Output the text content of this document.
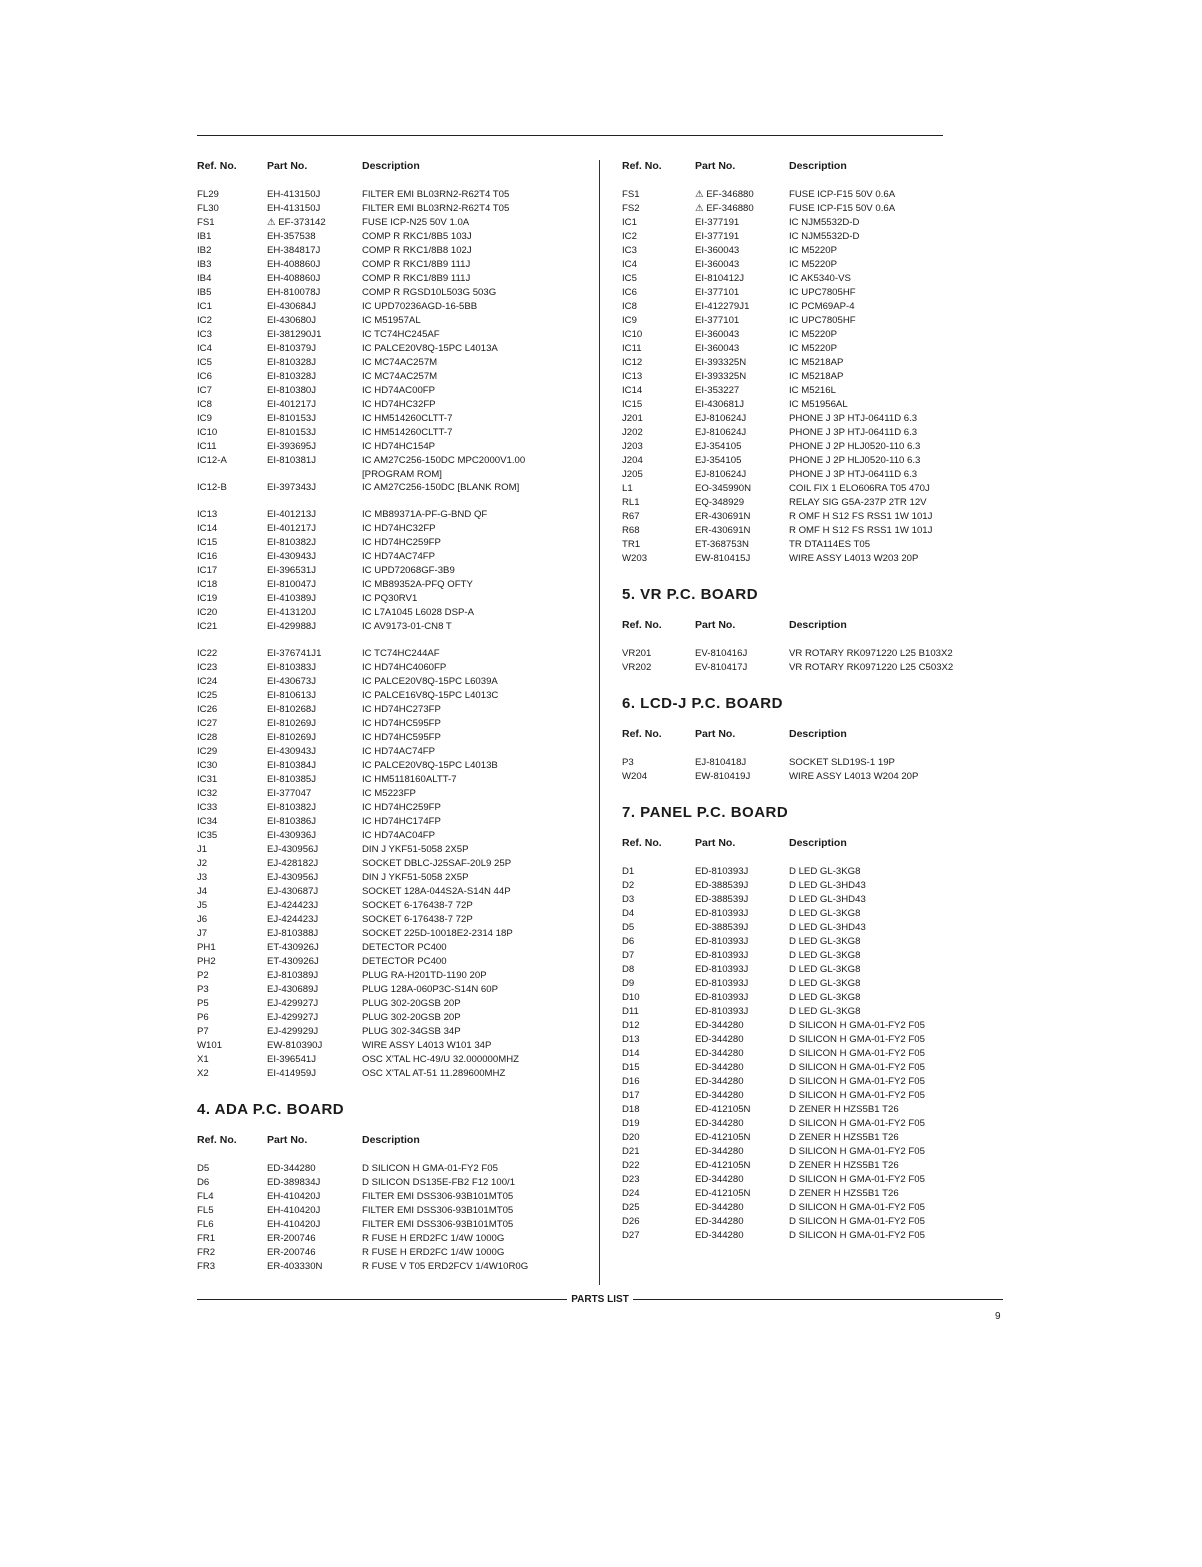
Ref. No.	Part No.	Description
FL29	EH-413150J	FILTER EMI BL03RN2-R62T4 T05
FL30	EH-413150J	FILTER EMI BL03RN2-R62T4 T05
FS1	⚠ EF-373142	FUSE ICP-N25 50V 1.0A
IB1	EH-357538	COMP R RKC1/8B5 103J
IB2	EH-384817J	COMP R RKC1/8B8 102J
IB3	EH-408860J	COMP R RKC1/8B9 111J
IB4	EH-408860J	COMP R RKC1/8B9 111J
IB5	EH-810078J	COMP R RGSD10L503G 503G
IC1	EI-430684J	IC UPD70236AGD-16-5BB
IC2	EI-430680J	IC M51957AL
IC3	EI-381290J1	IC TC74HC245AF
IC4	EI-810379J	IC PALCE20V8Q-15PC L4013A
IC5	EI-810328J	IC MC74AC257M
IC6	EI-810328J	IC MC74AC257M
IC7	EI-810380J	IC HD74AC00FP
IC8	EI-401217J	IC HD74HC32FP
IC9	EI-810153J	IC HM514260CLTT-7
IC10	EI-810153J	IC HM514260CLTT-7
IC11	EI-393695J	IC HD74HC154P
IC12-A	EI-810381J	IC AM27C256-150DC MPC2000V1.00 [PROGRAM ROM]
IC12-B	EI-397343J	IC AM27C256-150DC [BLANK ROM]
IC13	EI-401213J	IC MB89371A-PF-G-BND QF
IC14	EI-401217J	IC HD74HC32FP
IC15	EI-810382J	IC HD74HC259FP
IC16	EI-430943J	IC HD74AC74FP
IC17	EI-396531J	IC UPD72068GF-3B9
IC18	EI-810047J	IC MB89352A-PFQ OFTY
IC19	EI-410389J	IC PQ30RV1
IC20	EI-413120J	IC L7A1045 L6028 DSP-A
IC21	EI-429988J	IC AV9173-01-CN8 T
IC22	EI-376741J1	IC TC74HC244AF
IC23	EI-810383J	IC HD74HC4060FP
IC24	EI-430673J	IC PALCE20V8Q-15PC L6039A
IC25	EI-810613J	IC PALCE16V8Q-15PC L4013C
IC26	EI-810268J	IC HD74HC273FP
IC27	EI-810269J	IC HD74HC595FP
IC28	EI-810269J	IC HD74HC595FP
IC29	EI-430943J	IC HD74AC74FP
IC30	EI-810384J	IC PALCE20V8Q-15PC L4013B
IC31	EI-810385J	IC HM5118160ALTT-7
IC32	EI-377047	IC M5223FP
IC33	EI-810382J	IC HD74HC259FP
IC34	EI-810386J	IC HD74HC174FP
IC35	EI-430936J	IC HD74AC04FP
J1	EJ-430956J	DIN J YKF51-5058 2X5P
J2	EJ-428182J	SOCKET DBLC-J25SAF-20L9 25P
J3	EJ-430956J	DIN J YKF51-5058 2X5P
J4	EJ-430687J	SOCKET 128A-044S2A-S14N 44P
J5	EJ-424423J	SOCKET 6-176438-7 72P
J6	EJ-424423J	SOCKET 6-176438-7 72P
J7	EJ-810388J	SOCKET 225D-10018E2-2314 18P
PH1	ET-430926J	DETECTOR PC400
PH2	ET-430926J	DETECTOR PC400
P2	EJ-810389J	PLUG RA-H201TD-1190 20P
P3	EJ-430689J	PLUG 128A-060P3C-S14N 60P
P5	EJ-429927J	PLUG 302-20GSB 20P
P6	EJ-429927J	PLUG 302-20GSB 20P
P7	EJ-429929J	PLUG 302-34GSB 34P
W101	EW-810390J	WIRE ASSY L4013 W101 34P
X1	EI-396541J	OSC X'TAL HC-49/U 32.000000MHZ
X2	EI-414959J	OSC X'TAL AT-51 11.289600MHZ
4. ADA P.C. BOARD
Ref. No.	Part No.	Description
D5	ED-344280	D SILICON H GMA-01-FY2 F05
D6	ED-389834J	D SILICON DS135E-FB2 F12 100/1
FL4	EH-410420J	FILTER EMI DSS306-93B101MT05
FL5	EH-410420J	FILTER EMI DSS306-93B101MT05
FL6	EH-410420J	FILTER EMI DSS306-93B101MT05
FR1	ER-200746	R FUSE H ERD2FC 1/4W 1000G
FR2	ER-200746	R FUSE H ERD2FC 1/4W 1000G
FR3	ER-403330N	R FUSE V T05 ERD2FCV 1/4W10R0G
Ref. No.	Part No.	Description
FS1	⚠ EF-346880	FUSE ICP-F15 50V 0.6A
FS2	⚠ EF-346880	FUSE ICP-F15 50V 0.6A
IC1	EI-377191	IC NJM5532D-D
IC2	EI-377191	IC NJM5532D-D
IC3	EI-360043	IC M5220P
IC4	EI-360043	IC M5220P
IC5	EI-810412J	IC AK5340-VS
IC6	EI-377101	IC UPC7805HF
IC8	EI-412279J1	IC PCM69AP-4
IC9	EI-377101	IC UPC7805HF
IC10	EI-360043	IC M5220P
IC11	EI-360043	IC M5220P
IC12	EI-393325N	IC M5218AP
IC13	EI-393325N	IC M5218AP
IC14	EI-353227	IC M5216L
IC15	EI-430681J	IC M51956AL
J201	EJ-810624J	PHONE J 3P HTJ-06411D 6.3
J202	EJ-810624J	PHONE J 3P HTJ-06411D 6.3
J203	EJ-354105	PHONE J 2P HLJ0520-110 6.3
J204	EJ-354105	PHONE J 2P HLJ0520-110 6.3
J205	EJ-810624J	PHONE J 3P HTJ-06411D 6.3
L1	EO-345990N	COIL FIX 1 ELO606RA T05 470J
RL1	EQ-348929	RELAY SIG G5A-237P 2TR 12V
R67	ER-430691N	R OMF H S12 FS RSS1 1W 101J
R68	ER-430691N	R OMF H S12 FS RSS1 1W 101J
TR1	ET-368753N	TR DTA114ES T05
W203	EW-810415J	WIRE ASSY L4013 W203 20P
5. VR P.C. BOARD
Ref. No.	Part No.	Description
VR201	EV-810416J	VR ROTARY RK0971220 L25 B103X2
VR202	EV-810417J	VR ROTARY RK0971220 L25 C503X2
6. LCD-J P.C. BOARD
Ref. No.	Part No.	Description
P3	EJ-810418J	SOCKET SLD19S-1 19P
W204	EW-810419J	WIRE ASSY L4013 W204 20P
7. PANEL P.C. BOARD
Ref. No.	Part No.	Description
D1	ED-810393J	D LED GL-3KG8
D2	ED-388539J	D LED GL-3HD43
D3	ED-388539J	D LED GL-3HD43
D4	ED-810393J	D LED GL-3KG8
D5	ED-388539J	D LED GL-3HD43
D6	ED-810393J	D LED GL-3KG8
D7	ED-810393J	D LED GL-3KG8
D8	ED-810393J	D LED GL-3KG8
D9	ED-810393J	D LED GL-3KG8
D10	ED-810393J	D LED GL-3KG8
D11	ED-810393J	D LED GL-3KG8
D12	ED-344280	D SILICON H GMA-01-FY2 F05
D13	ED-344280	D SILICON H GMA-01-FY2 F05
D14	ED-344280	D SILICON H GMA-01-FY2 F05
D15	ED-344280	D SILICON H GMA-01-FY2 F05
D16	ED-344280	D SILICON H GMA-01-FY2 F05
D17	ED-344280	D SILICON H GMA-01-FY2 F05
D18	ED-412105N	D ZENER H HZS5B1 T26
D19	ED-344280	D SILICON H GMA-01-FY2 F05
D20	ED-412105N	D ZENER H HZS5B1 T26
D21	ED-344280	D SILICON H GMA-01-FY2 F05
D22	ED-412105N	D ZENER H HZS5B1 T26
D23	ED-344280	D SILICON H GMA-01-FY2 F05
D24	ED-412105N	D ZENER H HZS5B1 T26
D25	ED-344280	D SILICON H GMA-01-FY2 F05
D26	ED-344280	D SILICON H GMA-01-FY2 F05
D27	ED-344280	D SILICON H GMA-01-FY2 F05
PARTS LIST
9
